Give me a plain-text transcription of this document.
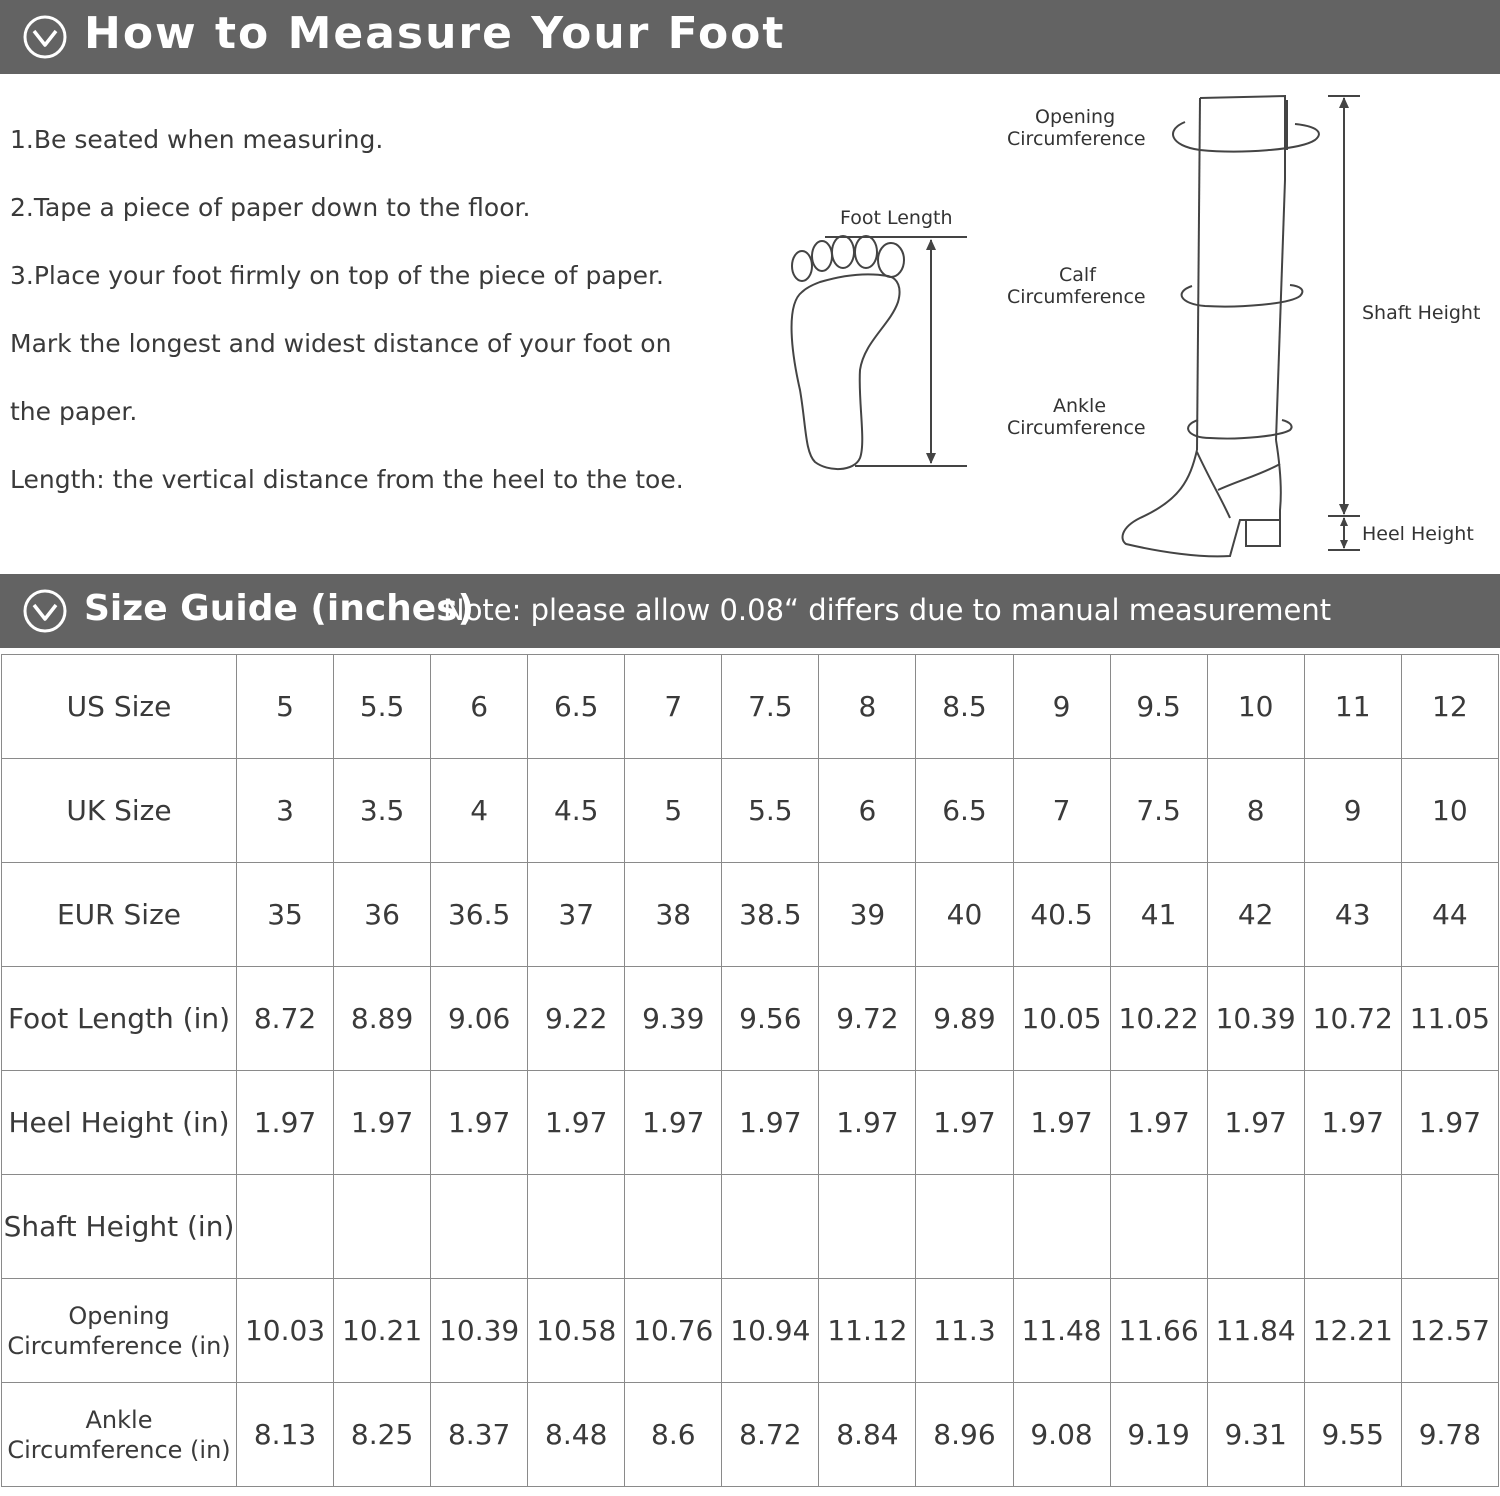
How to Measure Your Foot
1.Be seated when measuring.
2.Tape a piece of paper down to the floor.
3.Place your foot firmly on top of the piece of paper.
Mark the longest and widest distance of your foot on
the paper.
Length: the vertical distance from the heel to the toe.
Foot Length
Opening
Circumference
Calf
Circumference
Ankle
Circumference
Shaft Height
Heel Height
Size Guide (inches)
Note: please allow 0.08“ differs due to manual measurement
US Size	5	5.5	6	6.5	7	7.5	8	8.5	9	9.5	10	11	12
UK Size	3	3.5	4	4.5	5	5.5	6	6.5	7	7.5	8	9	10
EUR Size	35	36	36.5	37	38	38.5	39	40	40.5	41	42	43	44
Foot Length (in)	8.72	8.89	9.06	9.22	9.39	9.56	9.72	9.89	10.05	10.22	10.39	10.72	11.05
Heel Height (in)	1.97	1.97	1.97	1.97	1.97	1.97	1.97	1.97	1.97	1.97	1.97	1.97	1.97
Shaft Height (in)													
Opening Circumference (in)	10.03	10.21	10.39	10.58	10.76	10.94	11.12	11.3	11.48	11.66	11.84	12.21	12.57
Ankle Circumference (in)	8.13	8.25	8.37	8.48	8.6	8.72	8.84	8.96	9.08	9.19	9.31	9.55	9.78
